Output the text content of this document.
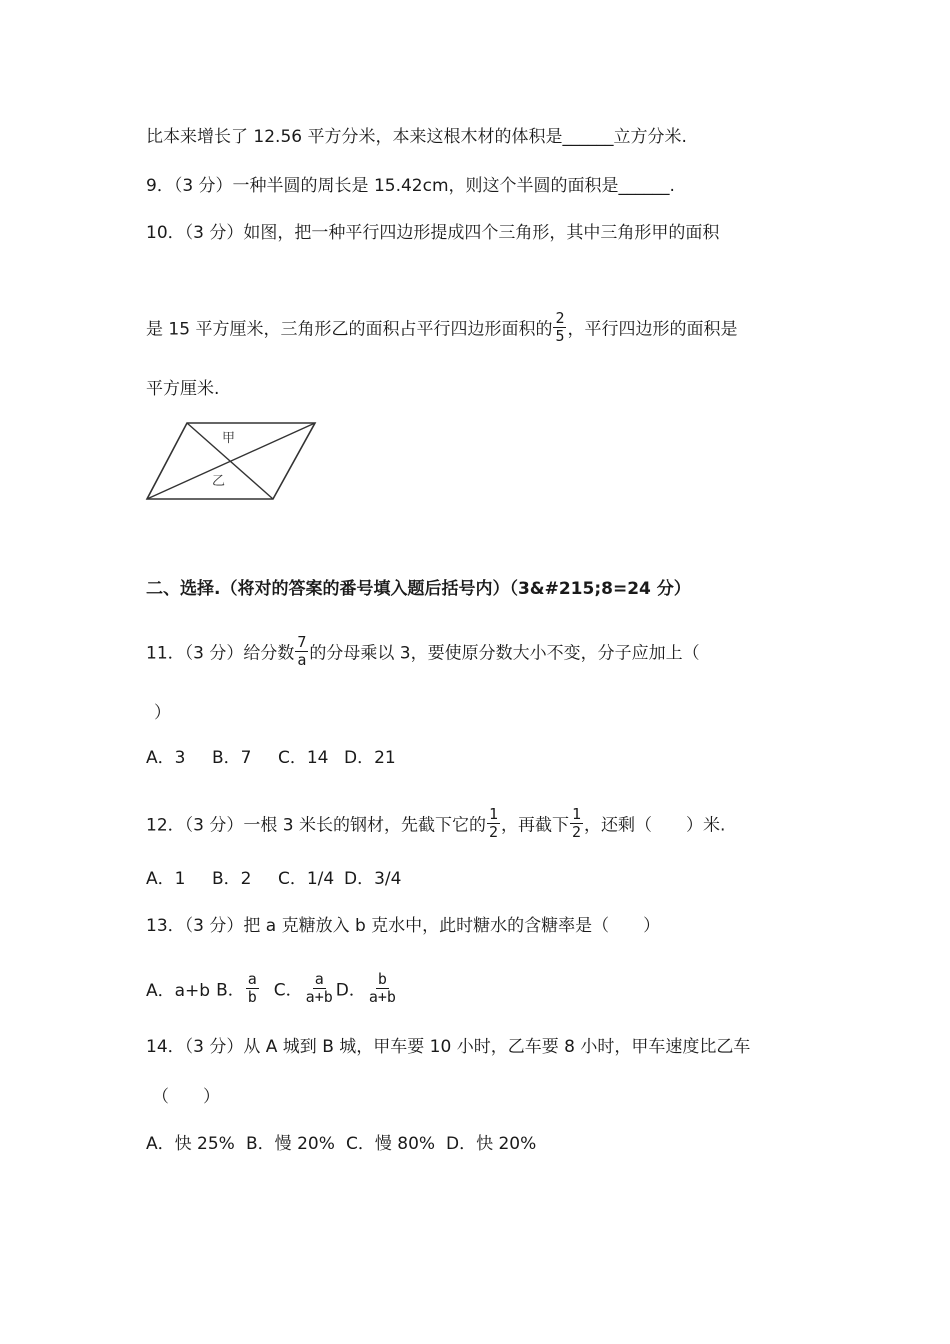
比本来增长了 12.56 平方分米，本来这根木材的体积是______立方分米.
9．（3 分）一种半圆的周长是 15.42cm，则这个半圆的面积是______.
10．（3 分）如图，把一种平行四边形提成四个三角形，其中三角形甲的面积
是 15 平方厘米，三角形乙的面积占平行四边形面积的 $\frac{2}{5}$ ，平行四边形的面积是
平方厘米.
甲
乙
二、选择.（将对的答案的番号填入题后括号内）（3&#215;8=24 分）
11．（3 分）给分数 $\frac{7}{a}$ 的分母乘以 3，要使原分数大小不变，分子应加上（
）
A．3 B．7 C．14 D．21
12．（3 分）一根 3 米长的钢材，先截下它的 $\frac{1}{2}$ ，再截下 $\frac{1}{2}$ ，还剩（　　）米.
A．1 B．2 C．1/4 D．3/4
13．（3 分）把 a 克糖放入 b 克水中，此时糖水的含糖率是（　　）
A．a+b B． $\frac{a}{b}$ C． $\frac{a}{a+b}$ D． $\frac{b}{a+b}$
14．（3 分）从 A 城到 B 城，甲车要 10 小时，乙车要 8 小时，甲车速度比乙车
（　　）
A．快 25% B．慢 20% C．慢 80% D．快 20%
